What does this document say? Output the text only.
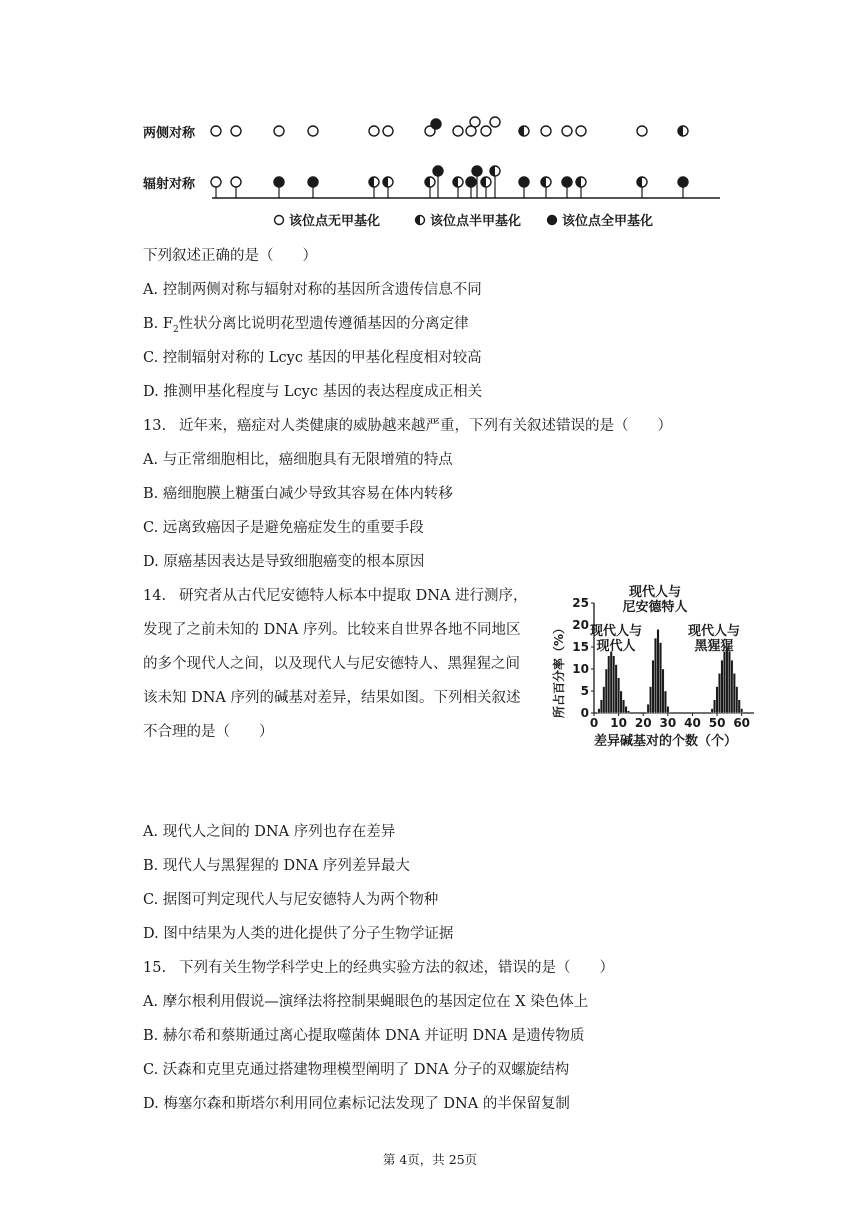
两侧对称
辐射对称
该位点无甲基化	该位点半甲基化	该位点全甲基化
下列叙述正确的是（　　）
A. 控制两侧对称与辐射对称的基因所含遗传信息不同
B. $F_2$性状分离比说明花型遗传遵循基因的分离定律
C. 控制辐射对称的 Lcyc 基因的甲基化程度相对较高
D. 推测甲基化程度与 Lcyc 基因的表达程度成正相关
13. 近年来，癌症对人类健康的威胁越来越严重，下列有关叙述错误的是（　　）
A. 与正常细胞相比，癌细胞具有无限增殖的特点
B. 癌细胞膜上糖蛋白减少导致其容易在体内转移
C. 远离致癌因子是避免癌症发生的重要手段
D. 原癌基因表达是导致细胞癌变的根本原因
14. 研究者从古代尼安德特人标本中提取 DNA 进行测序，
发现了之前未知的 DNA 序列。比较来自世界各地不同地区
的多个现代人之间，以及现代人与尼安德特人、黑猩猩之间
该未知 DNA 序列的碱基对差异，结果如图。下列相关叙述
不合理的是（　　）
0 10 20 30 40 50 60
0
5
10
15
20
25
现代人与
现代人
现代人与
尼安德特人
现代人与
黑猩猩
差异碱基对的个数（个）
所占百分率（%）
A. 现代人之间的 DNA 序列也存在差异
B. 现代人与黑猩猩的 DNA 序列差异最大
C. 据图可判定现代人与尼安德特人为两个物种
D. 图中结果为人类的进化提供了分子生物学证据
15. 下列有关生物学科学史上的经典实验方法的叙述，错误的是（　　）
A. 摩尔根利用假说—演绎法将控制果蝇眼色的基因定位在 X 染色体上
B. 赫尔希和蔡斯通过离心提取噬菌体 DNA 并证明 DNA 是遗传物质
C. 沃森和克里克通过搭建物理模型阐明了 DNA 分子的双螺旋结构
D. 梅塞尔森和斯塔尔利用同位素标记法发现了 DNA 的半保留复制
第 4页，共 25页
